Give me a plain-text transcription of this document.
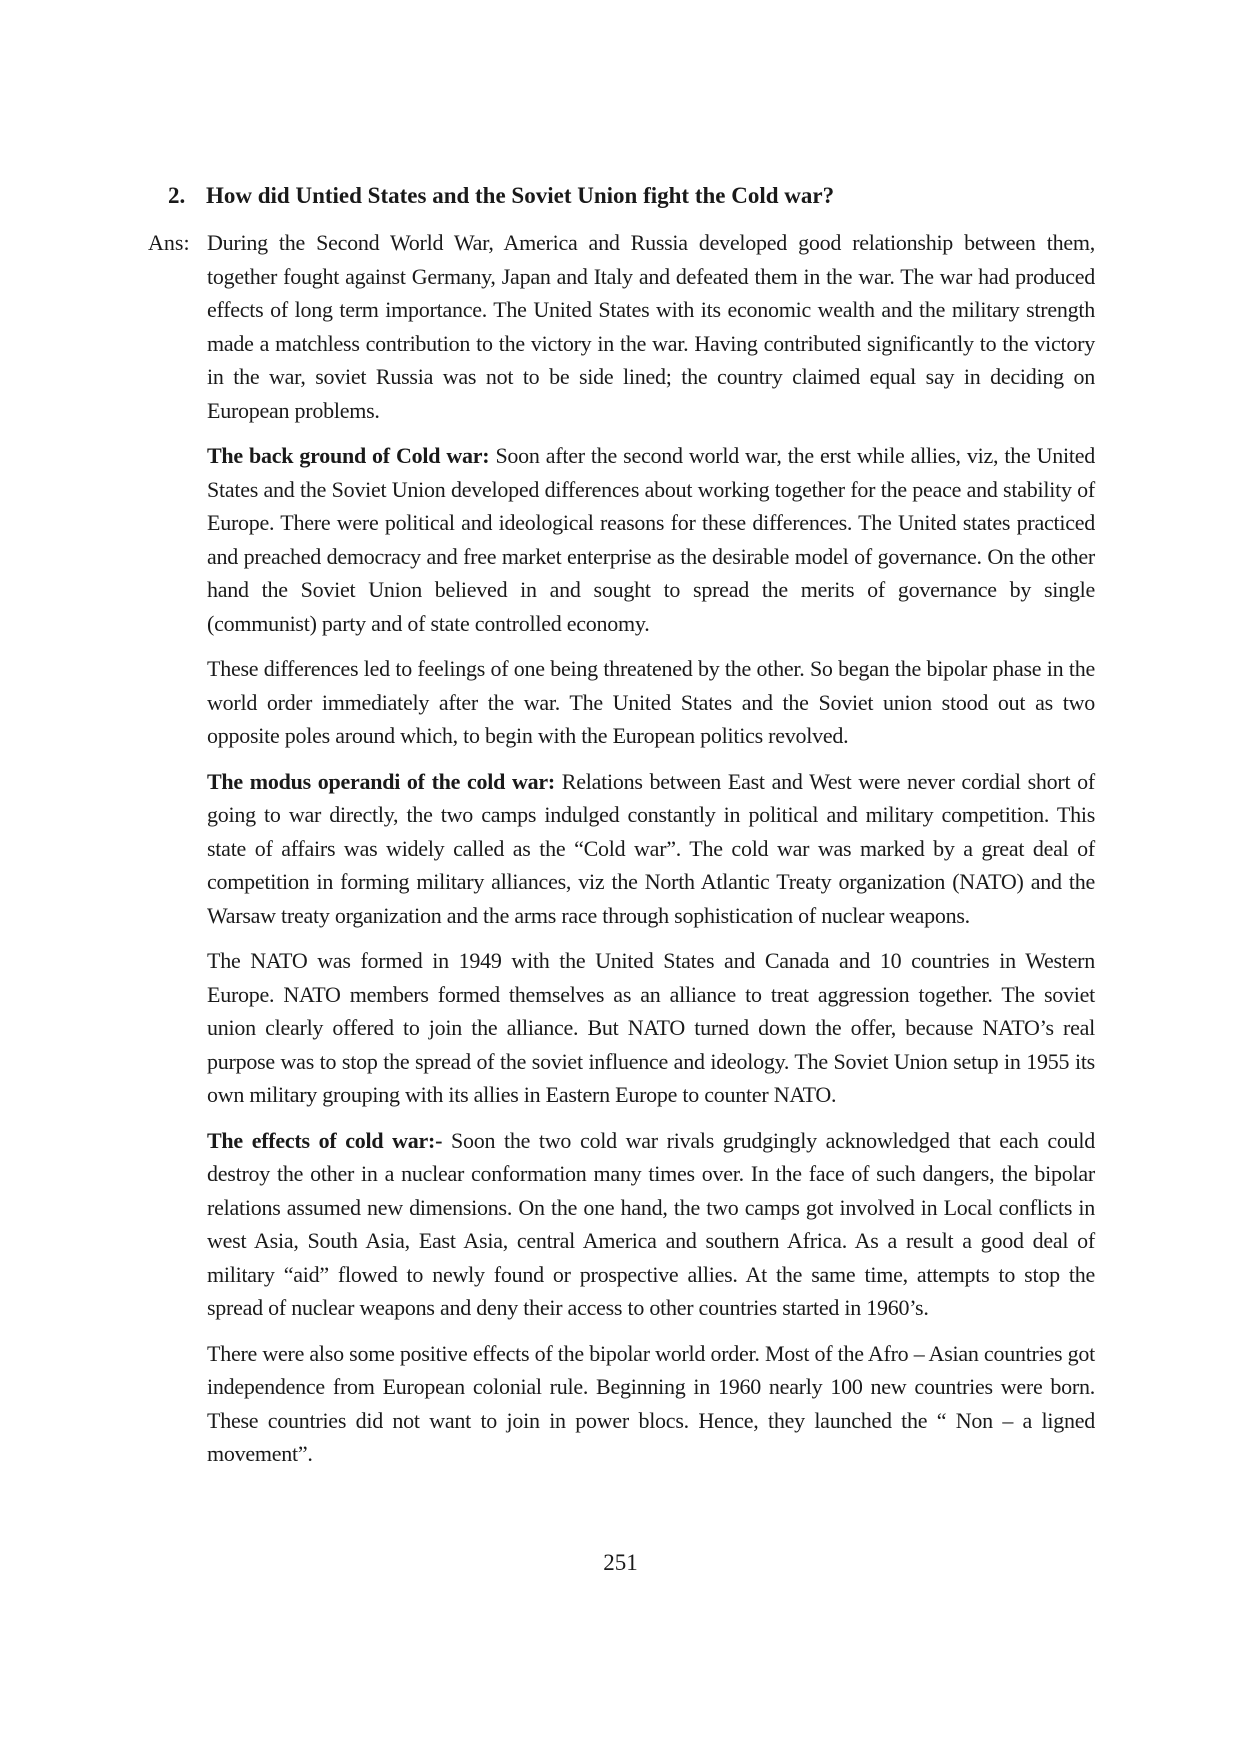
2. How did Untied States and the Soviet Union fight the Cold war?
Ans: During the Second World War, America and Russia developed good relationship between them, together fought against Germany, Japan and Italy and defeated them in the war. The war had produced effects of long term importance. The United States with its economic wealth and the military strength made a matchless contribution to the victory in the war. Having contributed significantly to the victory in the war, soviet Russia was not to be side lined; the country claimed equal say in deciding on European problems.

The back ground of Cold war: Soon after the second world war, the erst while allies, viz, the United States and the Soviet Union developed differences about working together for the peace and stability of Europe. There were political and ideological reasons for these differences. The United states practiced and preached democracy and free market enterprise as the desirable model of governance. On the other hand the Soviet Union believed in and sought to spread the merits of governance by single (communist) party and of state controlled economy.

These differences led to feelings of one being threatened by the other. So began the bipolar phase in the world order immediately after the war. The United States and the Soviet union stood out as two opposite poles around which, to begin with the European politics revolved.

The modus operandi of the cold war: Relations between East and West were never cordial short of going to war directly, the two camps indulged constantly in political and military competition. This state of affairs was widely called as the “Cold war”. The cold war was marked by a great deal of competition in forming military alliances, viz the North Atlantic Treaty organization (NATO) and the Warsaw treaty organization and the arms race through sophistication of nuclear weapons.

The NATO was formed in 1949 with the United States and Canada and 10 countries in Western Europe. NATO members formed themselves as an alliance to treat aggression together. The soviet union clearly offered to join the alliance. But NATO turned down the offer, because NATO’s real purpose was to stop the spread of the soviet influence and ideology. The Soviet Union setup in 1955 its own military grouping with its allies in Eastern Europe to counter NATO.

The effects of cold war:- Soon the two cold war rivals grudgingly acknowledged that each could destroy the other in a nuclear conformation many times over. In the face of such dangers, the bipolar relations assumed new dimensions. On the one hand, the two camps got involved in Local conflicts in west Asia, South Asia, East Asia, central America and southern Africa. As a result a good deal of military “aid” flowed to newly found or prospective allies. At the same time, attempts to stop the spread of nuclear weapons and deny their access to other countries started in 1960’s.

There were also some positive effects of the bipolar world order. Most of the Afro – Asian countries got independence from European colonial rule. Beginning in 1960 nearly 100 new countries were born. These countries did not want to join in power blocs. Hence, they launched the “ Non – a ligned movement”.

251
